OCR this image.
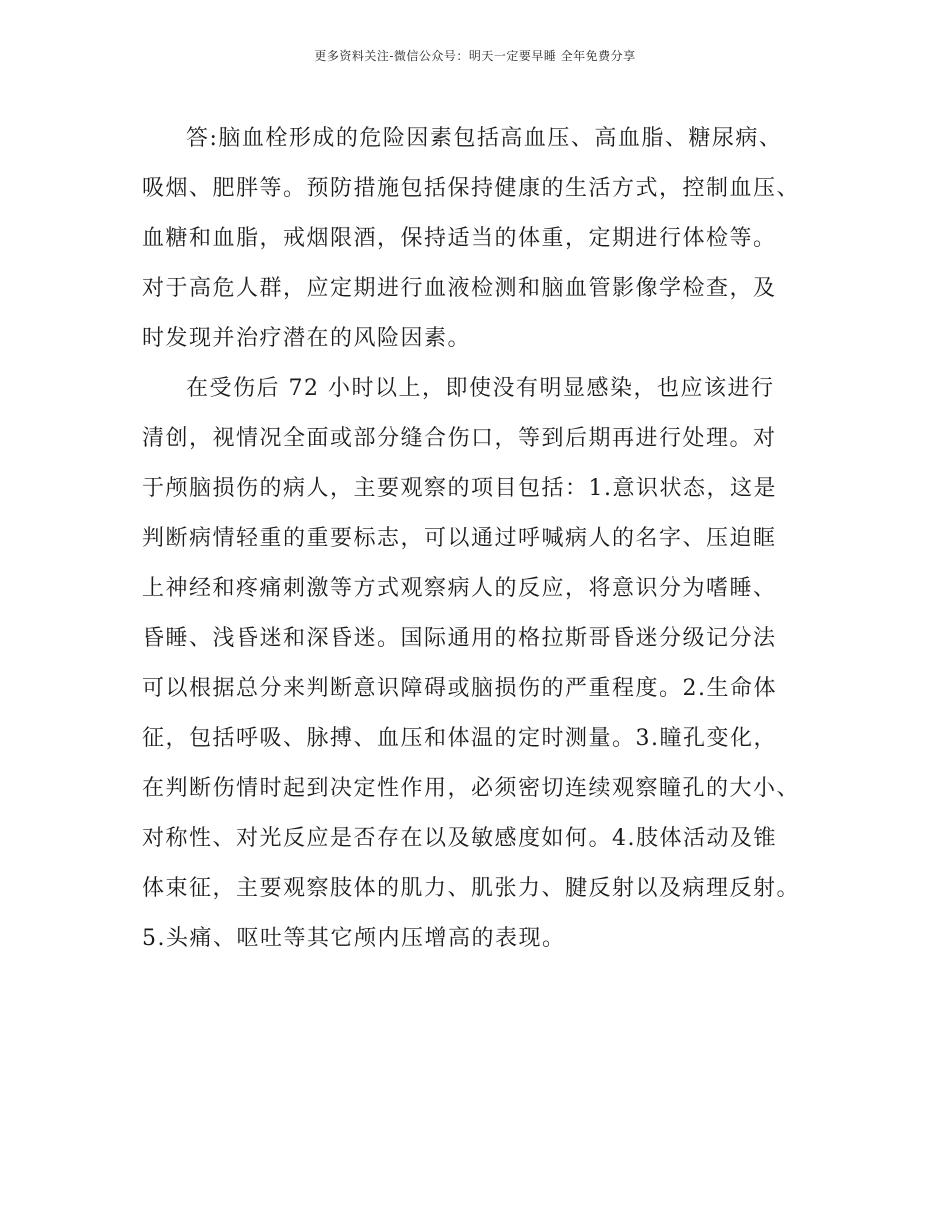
更多资料关注-微信公众号：明天一定要早睡 全年免费分享
答:脑血栓形成的危险因素包括高血压、高血脂、糖尿病、
吸烟、肥胖等。预防措施包括保持健康的生活方式，控制血压、
血糖和血脂，戒烟限酒，保持适当的体重，定期进行体检等。
对于高危人群，应定期进行血液检测和脑血管影像学检查，及
时发现并治疗潜在的风险因素。
在受伤后 72 小时以上，即使没有明显感染，也应该进行
清创，视情况全面或部分缝合伤口，等到后期再进行处理。对
于颅脑损伤的病人，主要观察的项目包括：1.意识状态，这是
判断病情轻重的重要标志，可以通过呼喊病人的名字、压迫眶
上神经和疼痛刺激等方式观察病人的反应，将意识分为嗜睡、
昏睡、浅昏迷和深昏迷。国际通用的格拉斯哥昏迷分级记分法
可以根据总分来判断意识障碍或脑损伤的严重程度。2.生命体
征，包括呼吸、脉搏、血压和体温的定时测量。3.瞳孔变化，
在判断伤情时起到决定性作用，必须密切连续观察瞳孔的大小、
对称性、对光反应是否存在以及敏感度如何。4.肢体活动及锥
体束征，主要观察肢体的肌力、肌张力、腱反射以及病理反射。
5.头痛、呕吐等其它颅内压增高的表现。
